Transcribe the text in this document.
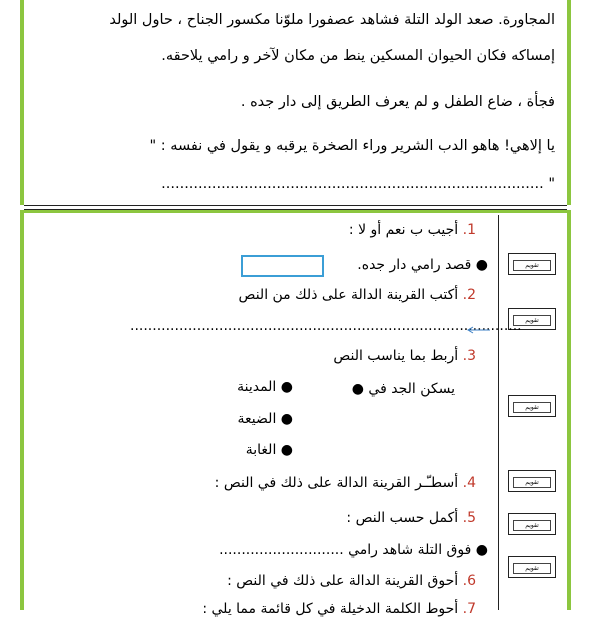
المجاورة. صعد الولد التلة فشاهد عصفورا ملوّنا مكسور الجناح ، حاول الولد
إمساكه فكان الحيوان المسكين ينط من مكان لآخر و رامي يلاحقه.
فجأة ، ضاع الطفل و لم يعرف الطريق إلى دار جده .
يا إلاهي! هاهو الدب الشرير وراء الصخرة يرقبه و يقول في نفسه : "
" ...................................................................................
تقويم
تقويم
تقويم
تقويم
تقويم
تقويم
1. أجيب ب نعم أو لا :
● قصد رامي دار جده.
2. أكتب القرينة الدالة على ذلك من النص
........................................................................................
3. أربط بما يناسب النص
يسكن الجد في ●
● المدينة
● الضيعة
● الغابة
4. أسطـّـر القرينة الدالة على ذلك في النص :
5. أكمل حسب النص :
● فوق التلة شاهد رامي ............................
6. أحوق القرينة الدالة على ذلك في النص :
7. أحوط الكلمة الدخيلة في كل قائمة مما يلي :
